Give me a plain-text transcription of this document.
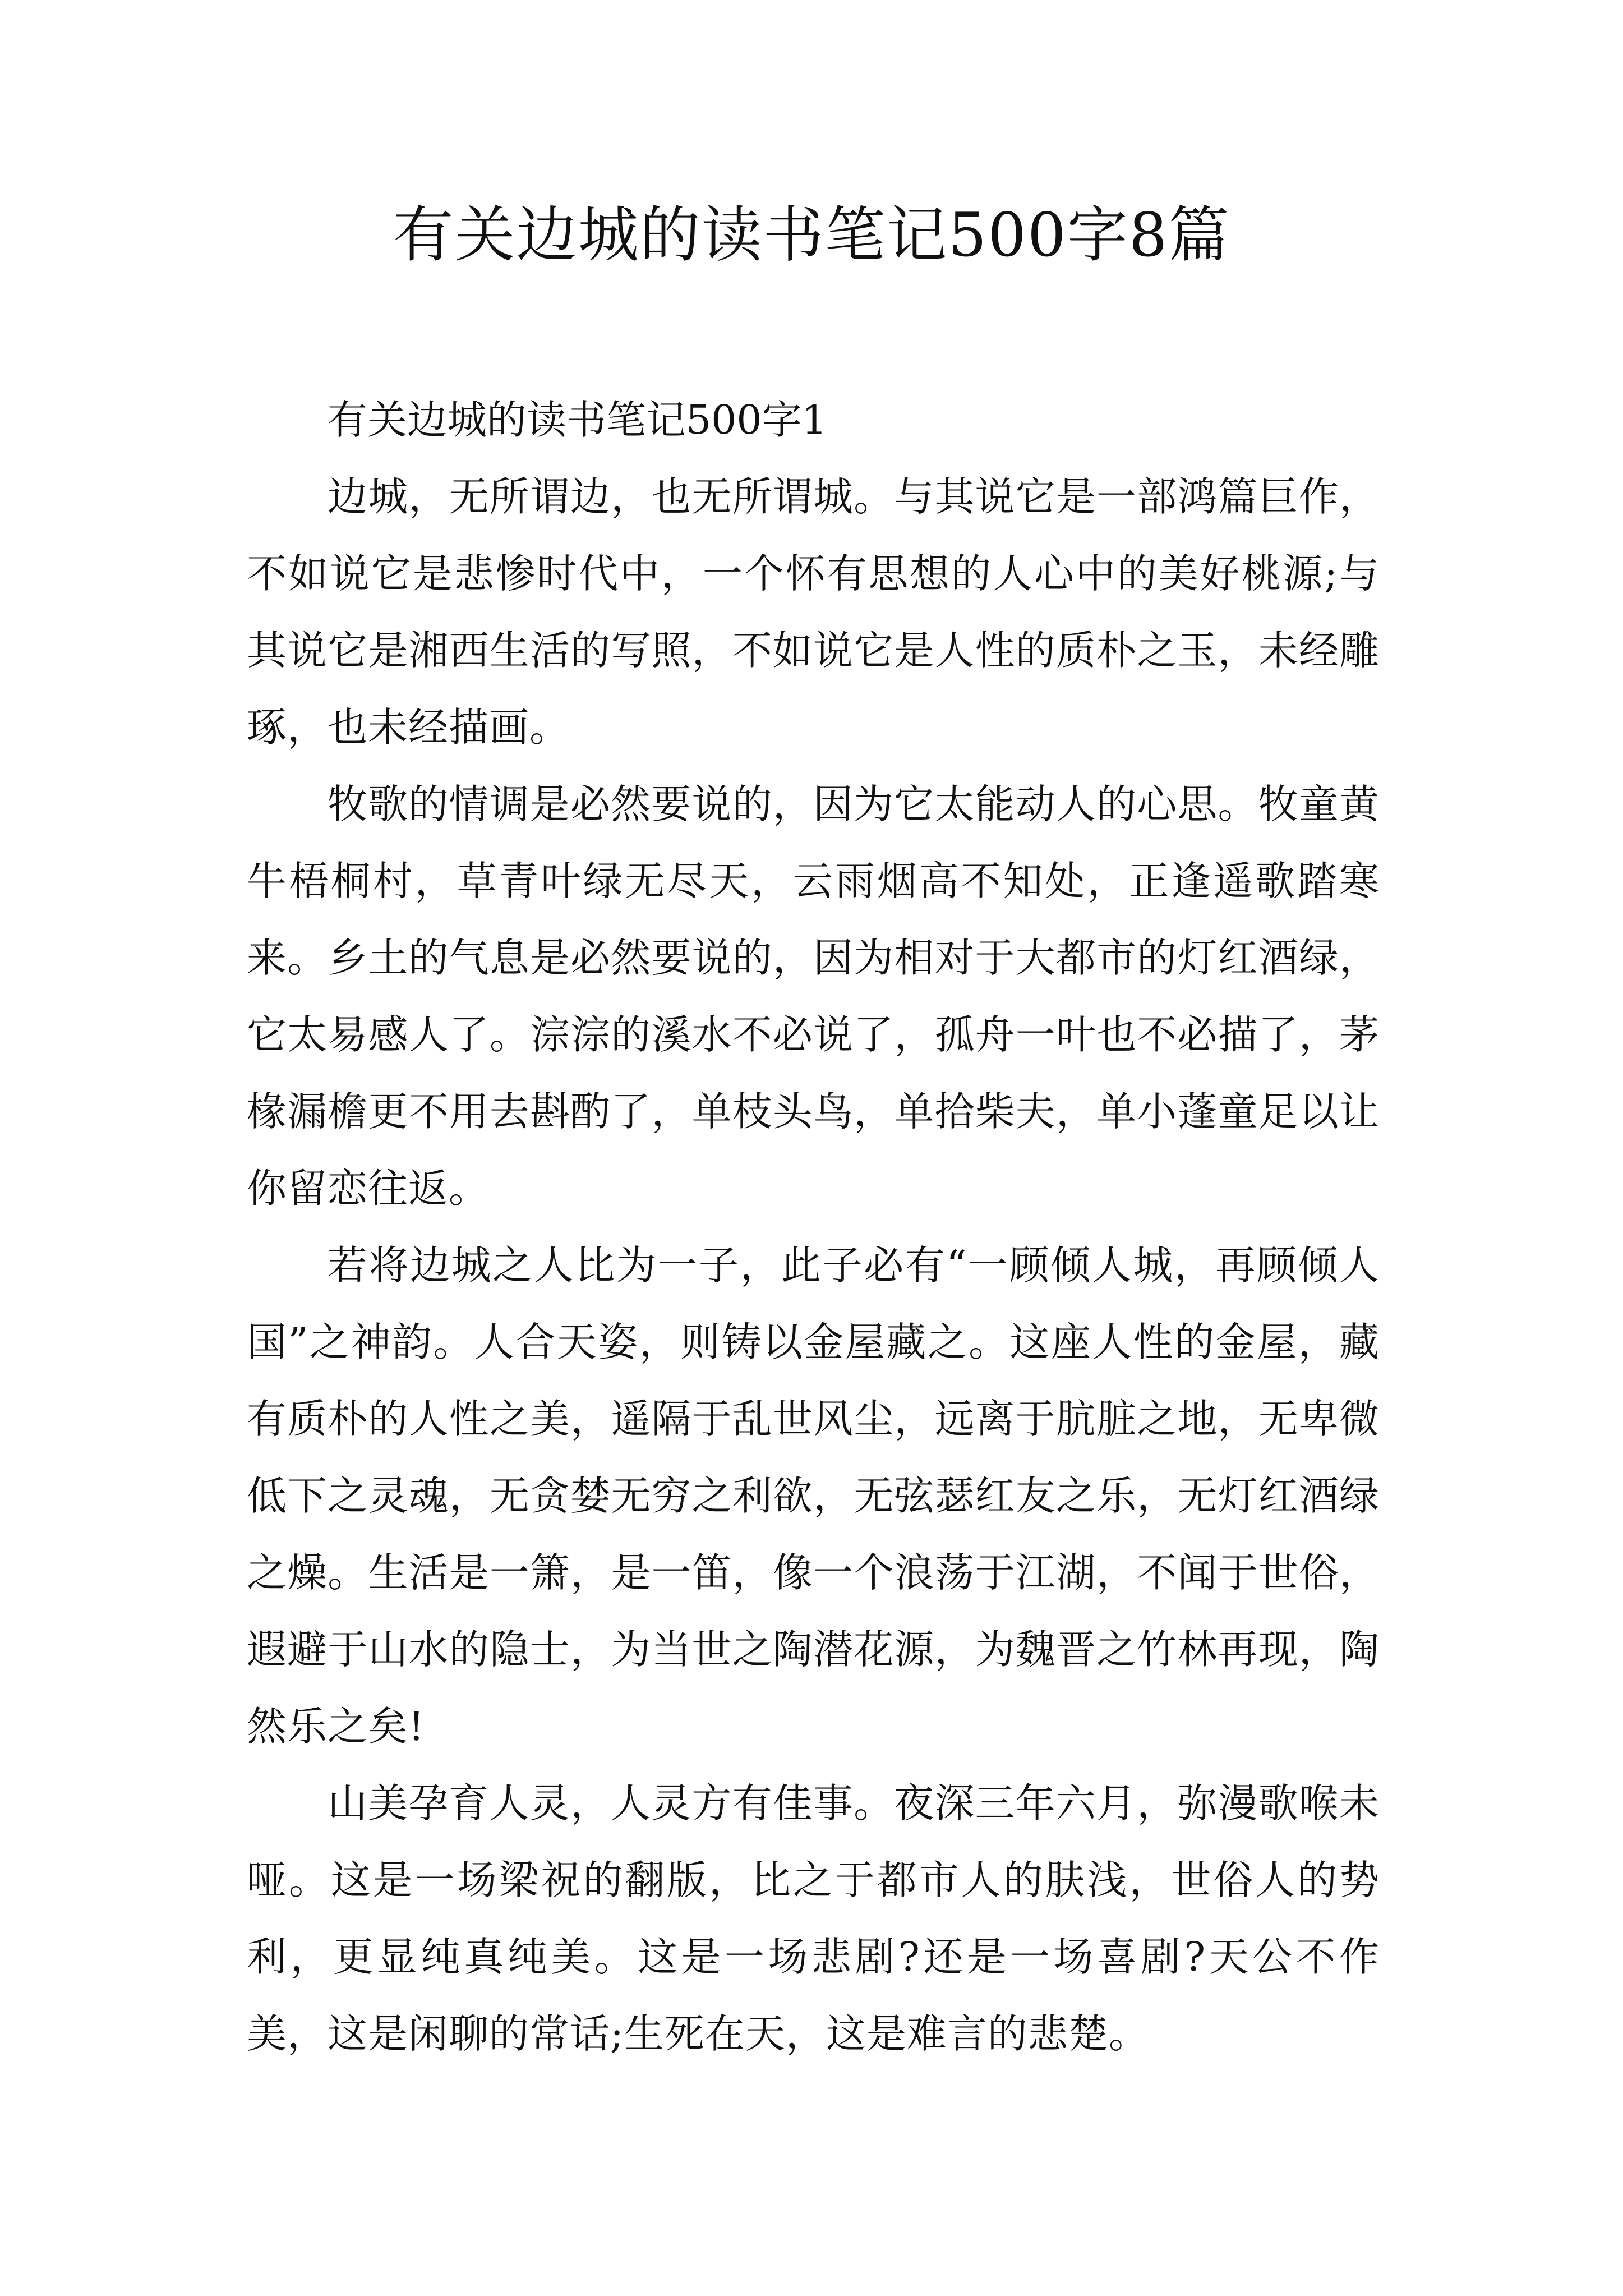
有关边城的读书笔记500字8篇

有关边城的读书笔记500字1

边城，无所谓边，也无所谓城。与其说它是一部鸿篇巨作，不如说它是悲惨时代中，一个怀有思想的人心中的美好桃源;与其说它是湘西生活的写照，不如说它是人性的质朴之玉，未经雕琢，也未经描画。

牧歌的情调是必然要说的，因为它太能动人的心思。牧童黄牛梧桐村，草青叶绿无尽天，云雨烟高不知处，正逢遥歌踏寒来。乡土的气息是必然要说的，因为相对于大都市的灯红酒绿，它太易感人了。淙淙的溪水不必说了，孤舟一叶也不必描了，茅椽漏檐更不用去斟酌了，单枝头鸟，单拾柴夫，单小蓬童足以让你留恋往返。

若将边城之人比为一子，此子必有“一顾倾人城，再顾倾人国”之神韵。人合天姿，则铸以金屋藏之。这座人性的金屋，藏有质朴的人性之美，遥隔于乱世风尘，远离于肮脏之地，无卑微低下之灵魂，无贪婪无穷之利欲，无弦瑟红友之乐，无灯红酒绿之燥。生活是一箫，是一笛，像一个浪荡于江湖，不闻于世俗，遐避于山水的隐士，为当世之陶潜花源，为魏晋之竹林再现，陶然乐之矣!

山美孕育人灵，人灵方有佳事。夜深三年六月，弥漫歌喉未哑。这是一场梁祝的翻版，比之于都市人的肤浅，世俗人的势利，更显纯真纯美。这是一场悲剧?还是一场喜剧?天公不作美，这是闲聊的常话;生死在天，这是难言的悲楚。
